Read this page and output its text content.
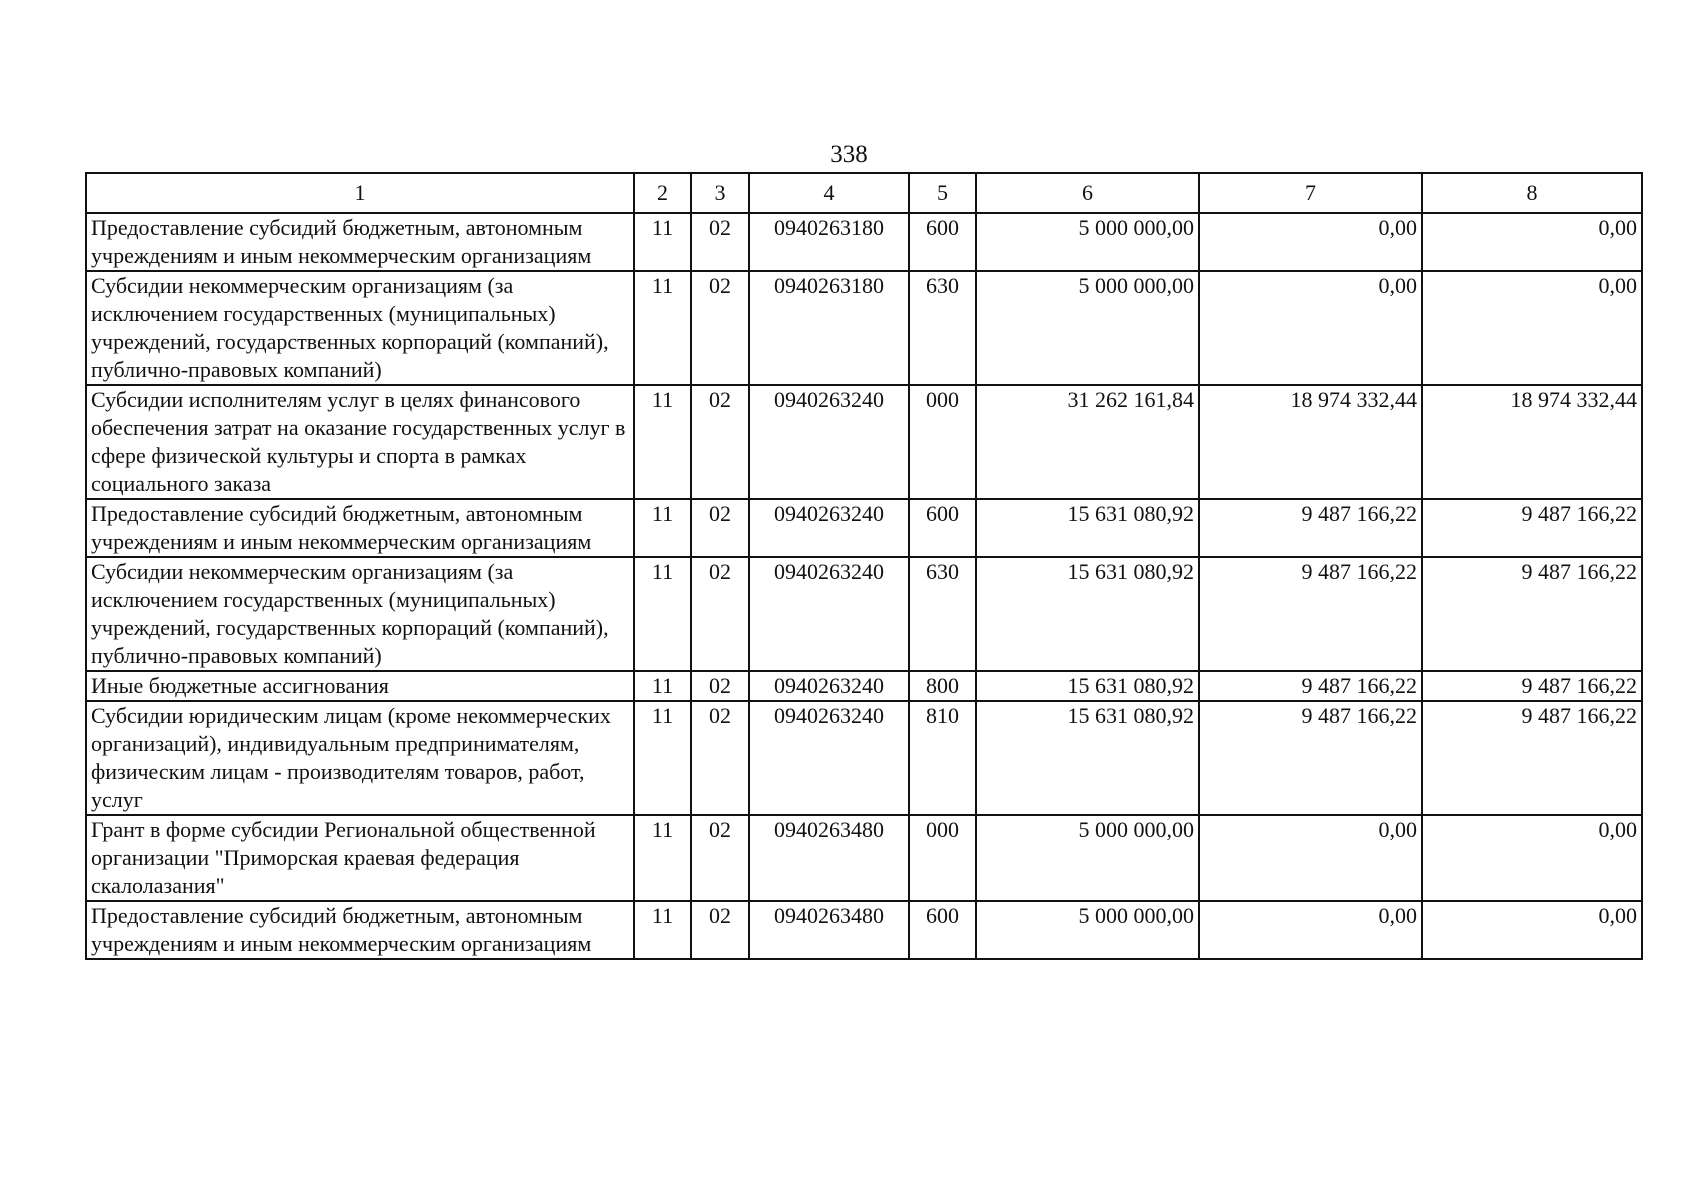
338
1	2	3	4	5	6	7	8
Предоставление субсидий бюджетным, автономным учреждениям и иным некоммерческим организациям	11	02	0940263180	600	5 000 000,00	0,00	0,00
Субсидии некоммерческим организациям (за исключением государственных (муниципальных) учреждений, государственных корпораций (компаний), публично-правовых компаний)	11	02	0940263180	630	5 000 000,00	0,00	0,00
Субсидии исполнителям услуг в целях финансового обеспечения затрат на оказание государственных услуг в сфере физической культуры и спорта в рамках социального заказа	11	02	0940263240	000	31 262 161,84	18 974 332,44	18 974 332,44
Предоставление субсидий бюджетным, автономным учреждениям и иным некоммерческим организациям	11	02	0940263240	600	15 631 080,92	9 487 166,22	9 487 166,22
Субсидии некоммерческим организациям (за исключением государственных (муниципальных) учреждений, государственных корпораций (компаний), публично-правовых компаний)	11	02	0940263240	630	15 631 080,92	9 487 166,22	9 487 166,22
Иные бюджетные ассигнования	11	02	0940263240	800	15 631 080,92	9 487 166,22	9 487 166,22
Субсидии юридическим лицам (кроме некоммерческих организаций), индивидуальным предпринимателям, физическим лицам - производителям товаров, работ, услуг	11	02	0940263240	810	15 631 080,92	9 487 166,22	9 487 166,22
Грант в форме субсидии Региональной общественной организации "Приморская краевая федерация скалолазания"	11	02	0940263480	000	5 000 000,00	0,00	0,00
Предоставление субсидий бюджетным, автономным учреждениям и иным некоммерческим организациям	11	02	0940263480	600	5 000 000,00	0,00	0,00
